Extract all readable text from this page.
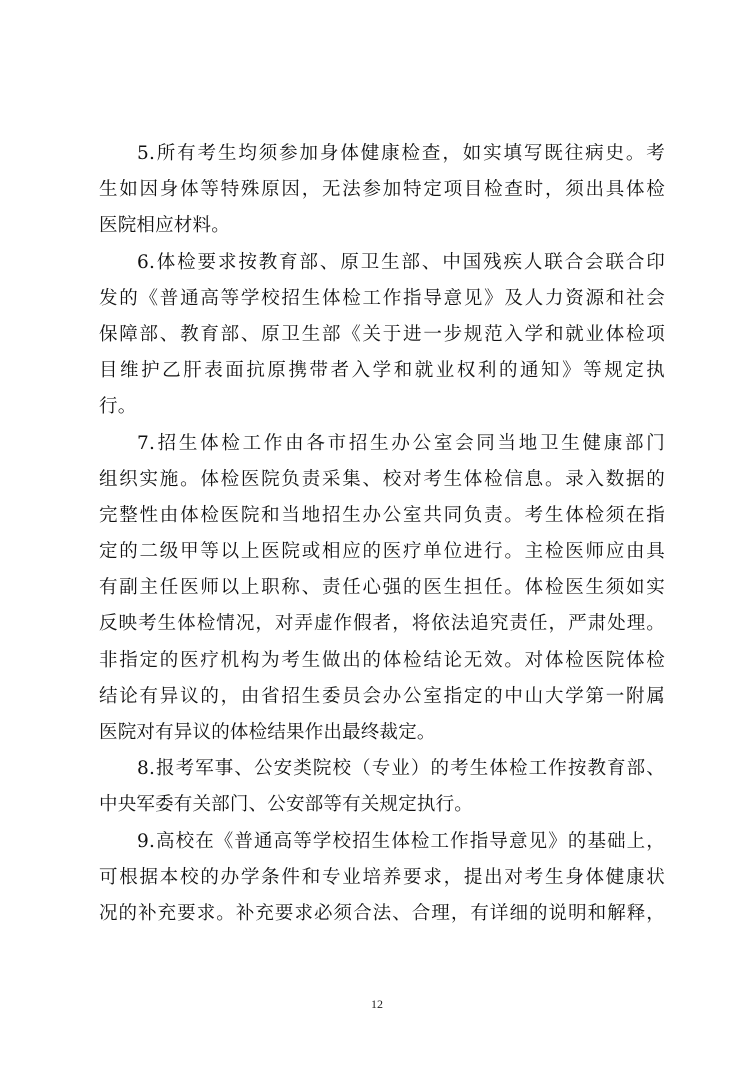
5.所有考生均须参加身体健康检查，如实填写既往病史。考
生如因身体等特殊原因，无法参加特定项目检查时，须出具体检
医院相应材料。
6.体检要求按教育部、原卫生部、中国残疾人联合会联合印
发的《普通高等学校招生体检工作指导意见》及人力资源和社会
保障部、教育部、原卫生部《关于进一步规范入学和就业体检项
目维护乙肝表面抗原携带者入学和就业权利的通知》等规定执
行。
7.招生体检工作由各市招生办公室会同当地卫生健康部门
组织实施。体检医院负责采集、校对考生体检信息。录入数据的
完整性由体检医院和当地招生办公室共同负责。考生体检须在指
定的二级甲等以上医院或相应的医疗单位进行。主检医师应由具
有副主任医师以上职称、责任心强的医生担任。体检医生须如实
反映考生体检情况，对弄虚作假者，将依法追究责任，严肃处理。
非指定的医疗机构为考生做出的体检结论无效。对体检医院体检
结论有异议的，由省招生委员会办公室指定的中山大学第一附属
医院对有异议的体检结果作出最终裁定。
8.报考军事、公安类院校（专业）的考生体检工作按教育部、
中央军委有关部门、公安部等有关规定执行。
9.高校在《普通高等学校招生体检工作指导意见》的基础上，
可根据本校的办学条件和专业培养要求，提出对考生身体健康状
况的补充要求。补充要求必须合法、合理，有详细的说明和解释，
12
